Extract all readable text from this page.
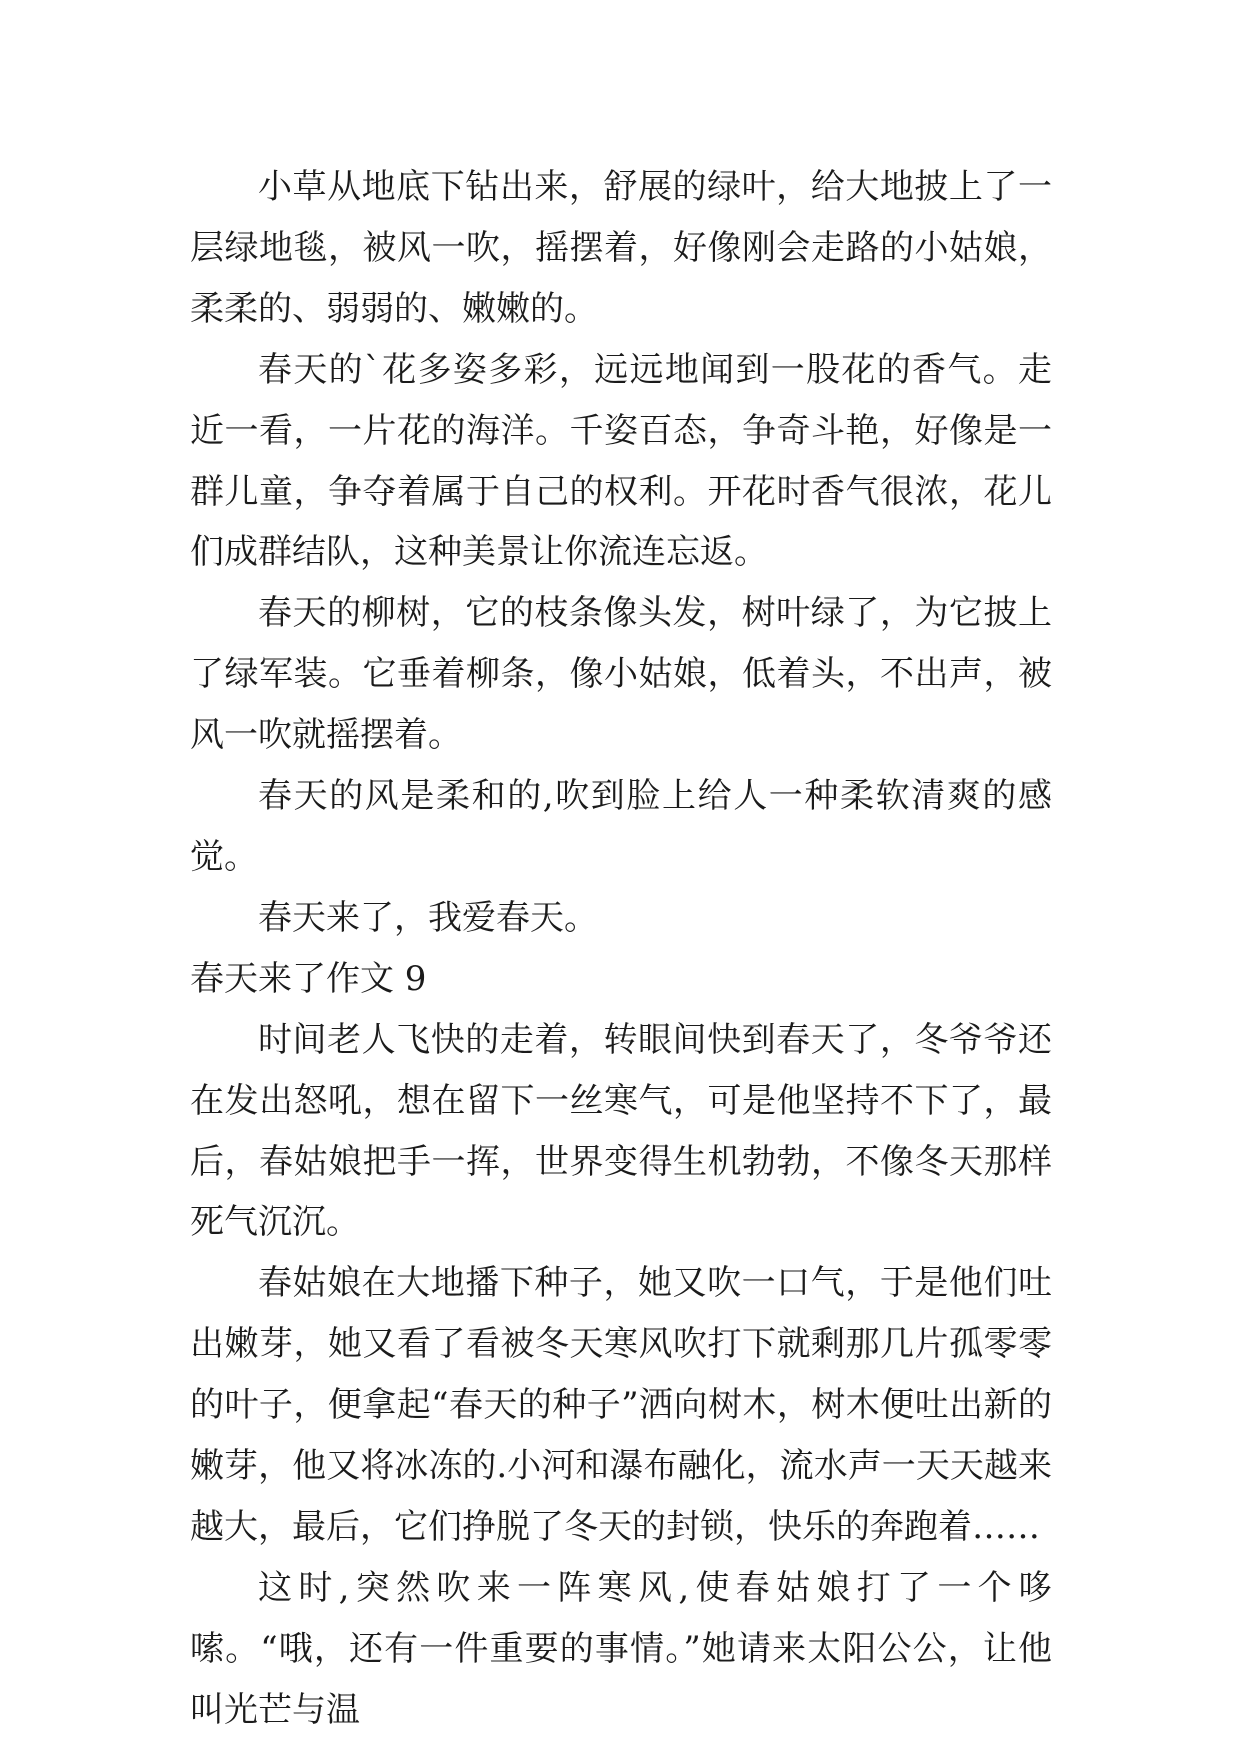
小草从地底下钻出来，舒展的绿叶，给大地披上了一层绿地毯，被风一吹，摇摆着，好像刚会走路的小姑娘，柔柔的、弱弱的、嫩嫩的。

春天的`花多姿多彩，远远地闻到一股花的香气。走近一看，一片花的海洋。千姿百态，争奇斗艳，好像是一群儿童，争夺着属于自己的权利。开花时香气很浓，花儿们成群结队，这种美景让你流连忘返。

春天的柳树，它的枝条像头发，树叶绿了，为它披上了绿军装。它垂着柳条，像小姑娘，低着头，不出声，被风一吹就摇摆着。

春天的风是柔和的,吹到脸上给人一种柔软清爽的感觉。

春天来了，我爱春天。

春天来了作文 9

时间老人飞快的走着，转眼间快到春天了，冬爷爷还在发出怒吼，想在留下一丝寒气，可是他坚持不下了，最后，春姑娘把手一挥，世界变得生机勃勃，不像冬天那样死气沉沉。

春姑娘在大地播下种子，她又吹一口气，于是他们吐出嫩芽，她又看了看被冬天寒风吹打下就剩那几片孤零零的叶子，便拿起“春天的种子”洒向树木，树木便吐出新的嫩芽，他又将冰冻的.小河和瀑布融化，流水声一天天越来越大，最后，它们挣脱了冬天的封锁，快乐的奔跑着……

这时,突然吹来一阵寒风,使春姑娘打了一个哆嗦。“哦，还有一件重要的事情。”她请来太阳公公，让他叫光芒与温
